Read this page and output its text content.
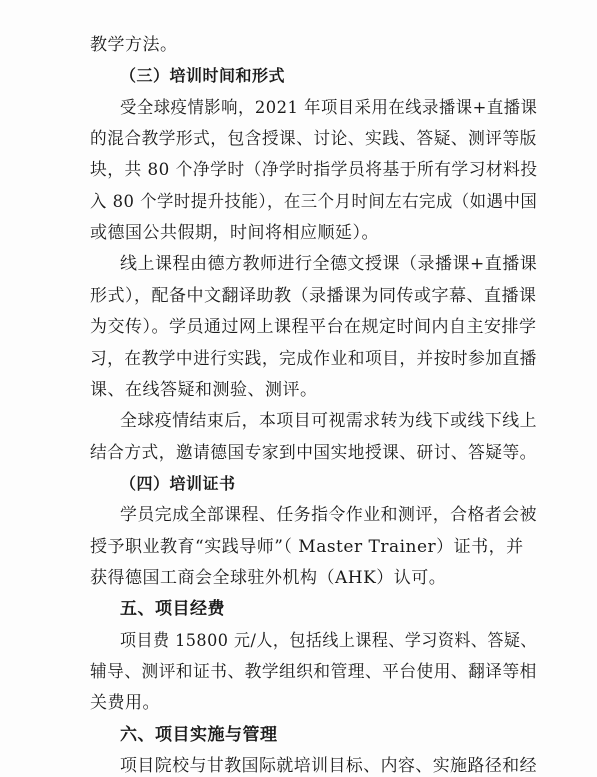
教学方法。
（三）培训时间和形式
受全球疫情影响，2021 年项目采用在线录播课+直播课
的混合教学形式，包含授课、讨论、实践、答疑、测评等版
块，共 80 个净学时（净学时指学员将基于所有学习材料投
入 80 个学时提升技能），在三个月时间左右完成（如遇中国
或德国公共假期，时间将相应顺延）。
线上课程由德方教师进行全德文授课（录播课+直播课
形式），配备中文翻译助教（录播课为同传或字幕、直播课
为交传）。学员通过网上课程平台在规定时间内自主安排学
习，在教学中进行实践，完成作业和项目，并按时参加直播
课、在线答疑和测验、测评。
全球疫情结束后，本项目可视需求转为线下或线下线上
结合方式，邀请德国专家到中国实地授课、研讨、答疑等。
（四）培训证书
学员完成全部课程、任务指令作业和测评，合格者会被
授予职业教育“实践导师”（ Master Trainer）证书，并
获得德国工商会全球驻外机构（AHK）认可。
五、项目经费
项目费 15800 元/人，包括线上课程、学习资料、答疑、
辅导、测评和证书、教学组织和管理、平台使用、翻译等相
关费用。
六、项目实施与管理
项目院校与甘教国际就培训目标、内容、实施路径和经
